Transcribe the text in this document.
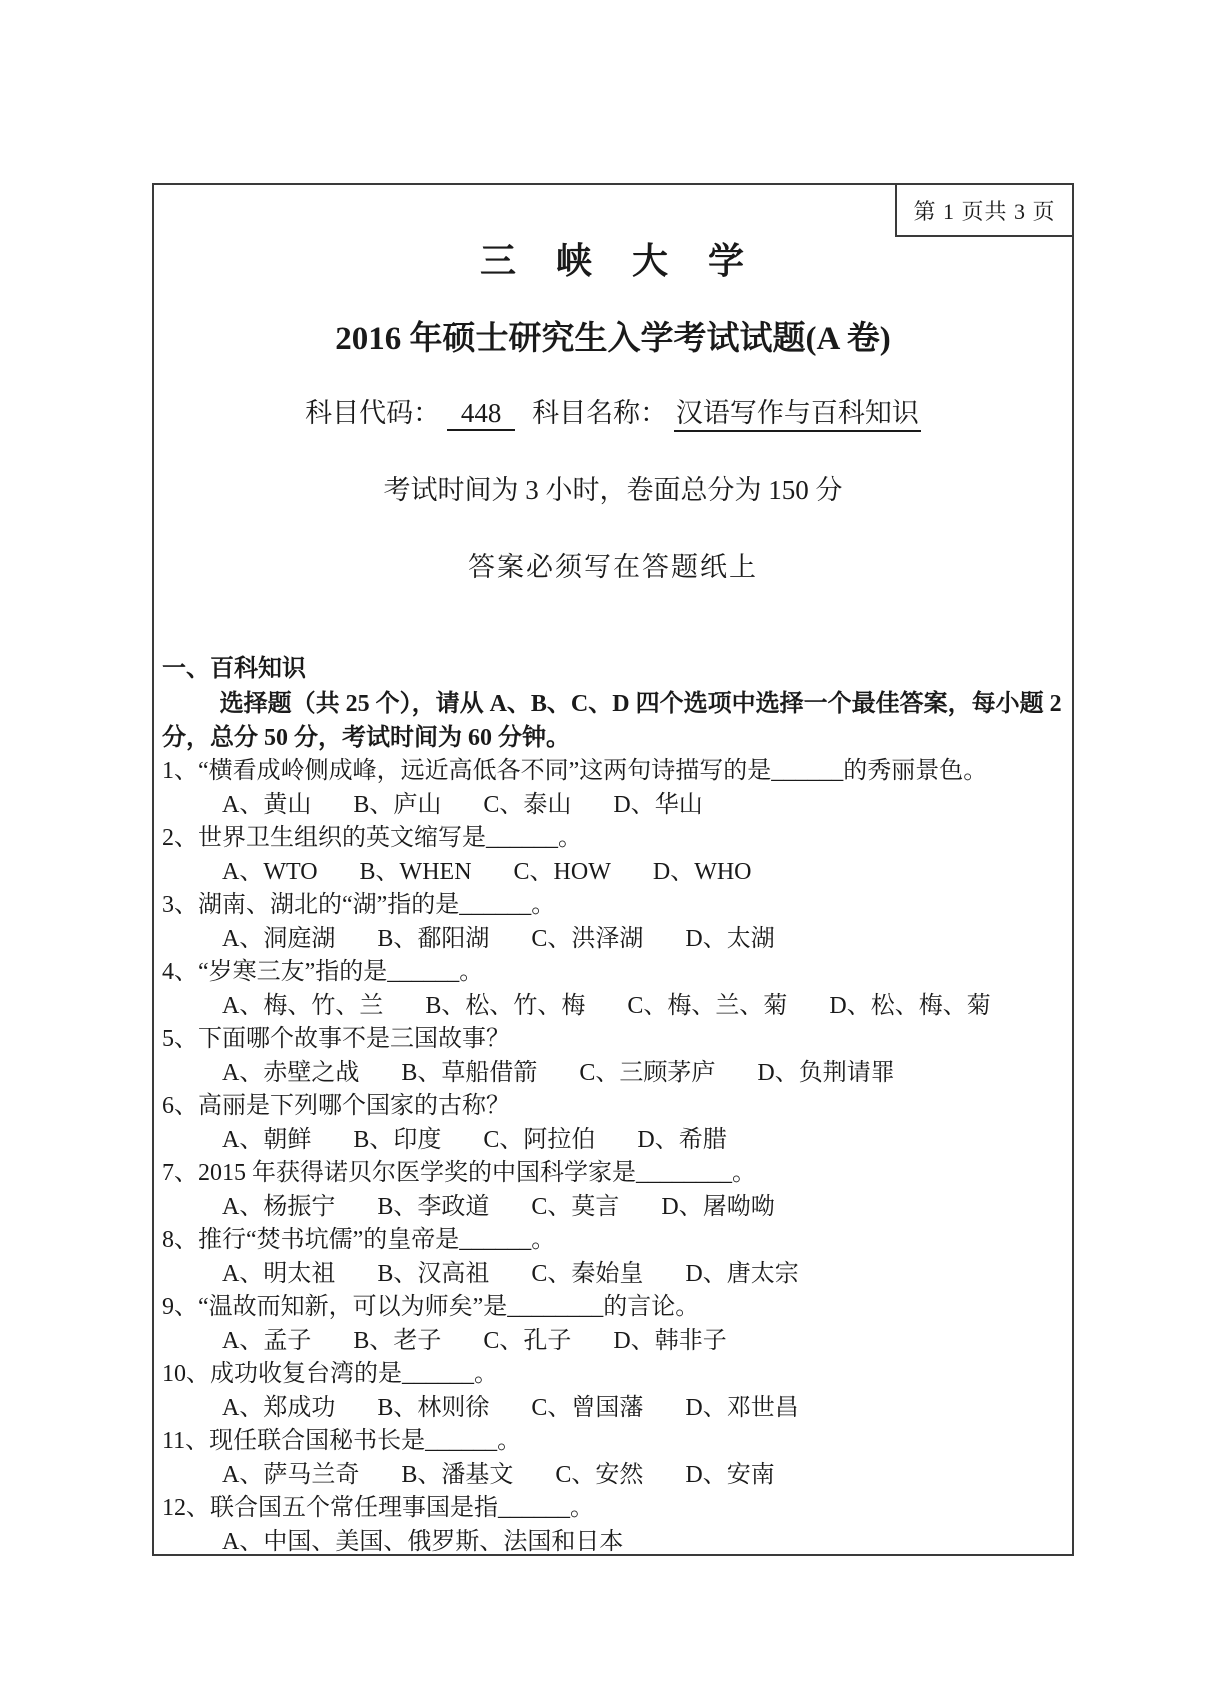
第 1 页共 3 页
三　峡　大　学
2016 年硕士研究生入学考试试题(A 卷)
科目代码： 448 科目名称： 汉语写作与百科知识
考试时间为 3 小时，卷面总分为 150 分
答案必须写在答题纸上
一、百科知识
选择题（共 25 个），请从 A、B、C、D 四个选项中选择一个最佳答案，每小题 2 分，总分 50 分，考试时间为 60 分钟。
1、“横看成岭侧成峰，远近高低各不同”这两句诗描写的是______的秀丽景色。
A、黄山 B、庐山 C、泰山 D、华山
2、世界卫生组织的英文缩写是______。
A、WTO B、WHEN C、HOW D、WHO
3、湖南、湖北的“湖”指的是______。
A、洞庭湖 B、鄱阳湖 C、洪泽湖 D、太湖
4、“岁寒三友”指的是______。
A、梅、竹、兰 B、松、竹、梅 C、梅、兰、菊 D、松、梅、菊
5、下面哪个故事不是三国故事？
A、赤壁之战 B、草船借箭 C、三顾茅庐 D、负荆请罪
6、高丽是下列哪个国家的古称？
A、朝鲜 B、印度 C、阿拉伯 D、希腊
7、2015 年获得诺贝尔医学奖的中国科学家是________。
A、杨振宁 B、李政道 C、莫言 D、屠呦呦
8、推行“焚书坑儒”的皇帝是______。
A、明太祖 B、汉高祖 C、秦始皇 D、唐太宗
9、“温故而知新，可以为师矣”是________的言论。
A、孟子 B、老子 C、孔子 D、韩非子
10、成功收复台湾的是______。
A、郑成功 B、林则徐 C、曾国藩 D、邓世昌
11、现任联合国秘书长是______。
A、萨马兰奇 B、潘基文 C、安然 D、安南
12、联合国五个常任理事国是指______。
A、中国、美国、俄罗斯、法国和日本
